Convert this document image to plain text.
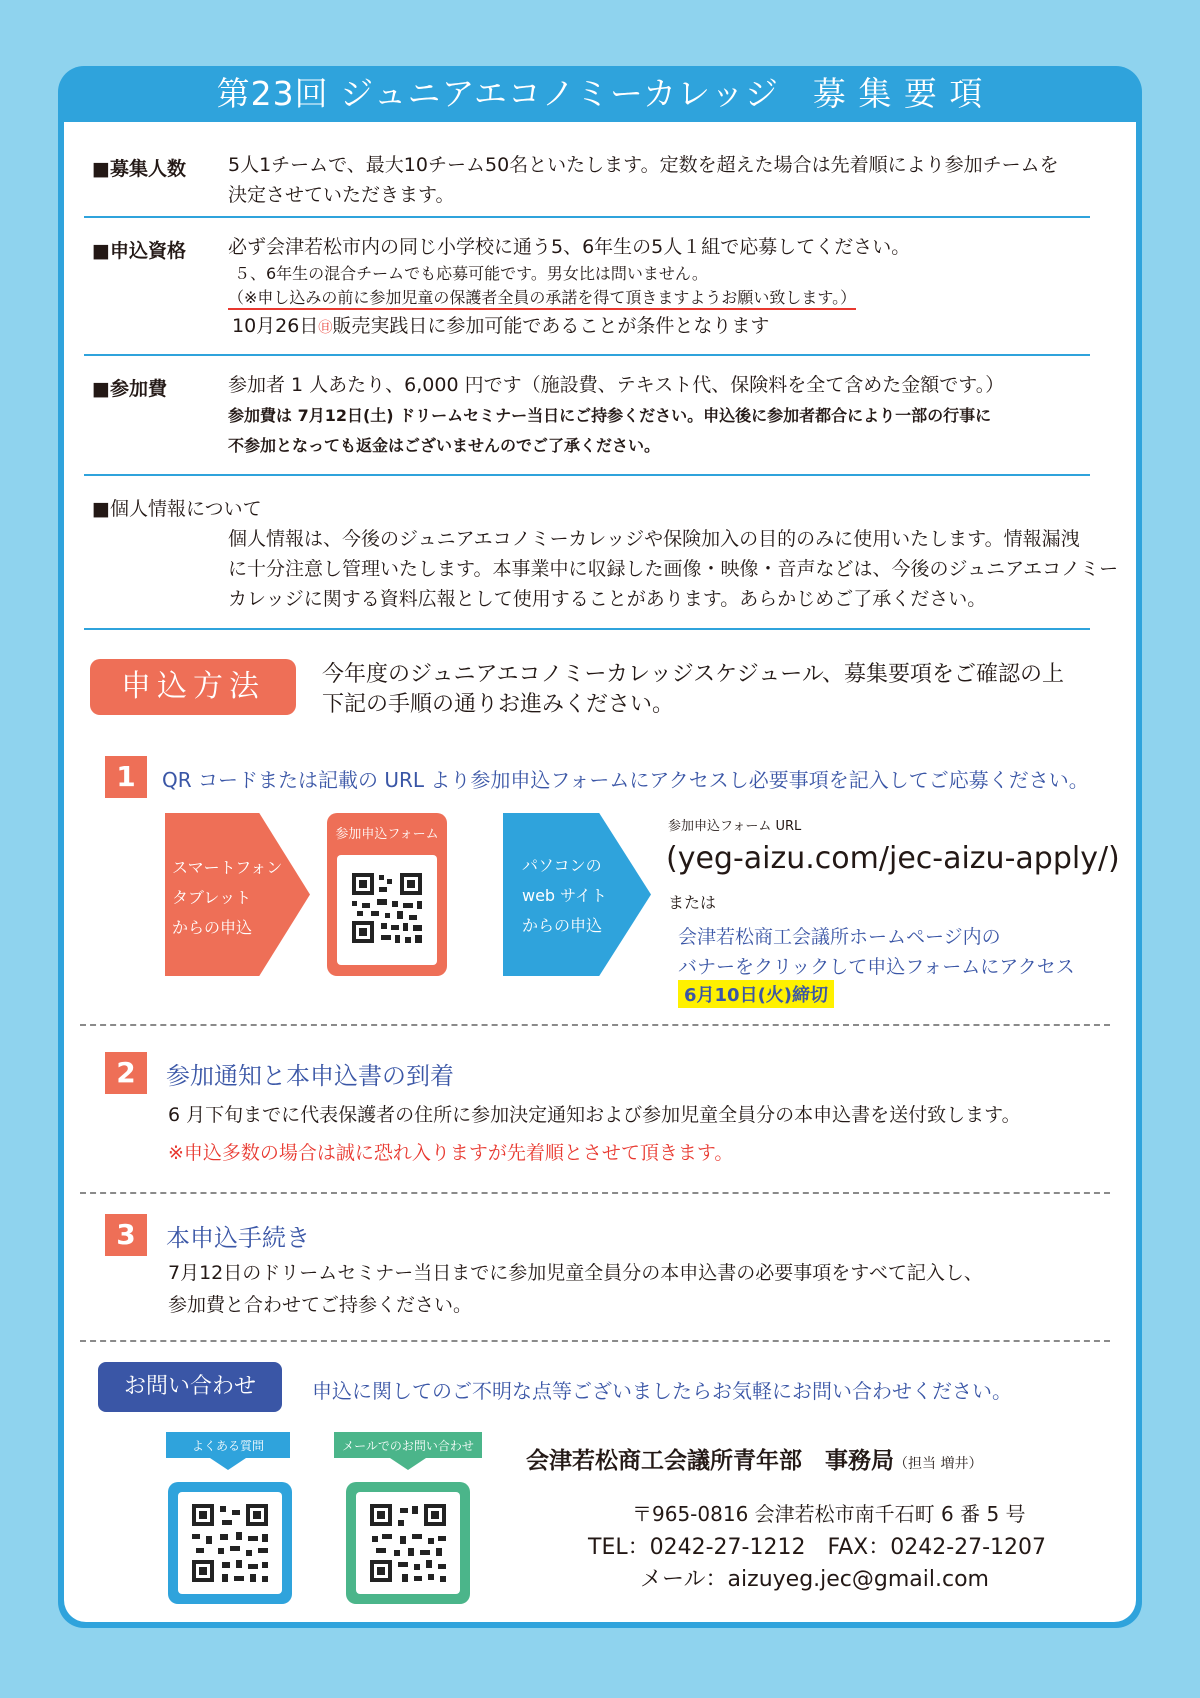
第23回 ジュニアエコノミーカレッジ　募 集 要 項
■募集人数 5人1チームで、最大10チーム50名といたします。定数を超えた場合は先着順により参加チームを
決定させていただきます。
■申込資格 必ず会津若松市内の同じ小学校に通う5、6年生の5人１組で応募してください。
５、6年生の混合チームでも応募可能です。男女比は問いません。
（※申し込みの前に参加児童の保護者全員の承諾を得て頂きますようお願い致します。）
10月26日㊐販売実践日に参加可能であることが条件となります
■参加費	参加者 1 人あたり、6,000 円です（施設費、テキスト代、保険料を全て含めた金額です。）
参加費は 7月12日(土) ドリームセミナー当日にご持参ください。申込後に参加者都合により一部の行事に
不参加となっても返金はございませんのでご了承ください。
■個人情報について
個人情報は、今後のジュニアエコノミーカレッジや保険加入の目的のみに使用いたします。情報漏洩
に十分注意し管理いたします。本事業中に収録した画像・映像・音声などは、今後のジュニアエコノミー
カレッジに関する資料広報として使用することがあります。あらかじめご了承ください。
申込方法	今年度のジュニアエコノミーカレッジスケジュール、募集要項をご確認の上
下記の手順の通りお進みください。
1	QR コードまたは記載の URL より参加申込フォームにアクセスし必要事項を記入してご応募ください。
スマートフォン
タブレット
からの申込
参加申込フォーム
パソコンの
web サイト
からの申込
参加申込フォーム URL
(yeg-aizu.com/jec-aizu-apply/)
または
会津若松商工会議所ホームページ内の
バナーをクリックして申込フォームにアクセス
6月10日(火)締切
2	参加通知と本申込書の到着
6 月下旬までに代表保護者の住所に参加決定通知および参加児童全員分の本申込書を送付致します。
※申込多数の場合は誠に恐れ入りますが先着順とさせて頂きます。
3	本申込手続き
7月12日のドリームセミナー当日までに参加児童全員分の本申込書の必要事項をすべて記入し、
参加費と合わせてご持参ください。
お問い合わせ	申込に関してのご不明な点等ございましたらお気軽にお問い合わせください。
よくある質問	メールでのお問い合わせ
会津若松商工会議所青年部　事務局（担当 増井）
〒965-0816 会津若松市南千石町 6 番 5 号
TEL：0242-27-1212　FAX：0242-27-1207
メール：aizuyeg.jec@gmail.com
